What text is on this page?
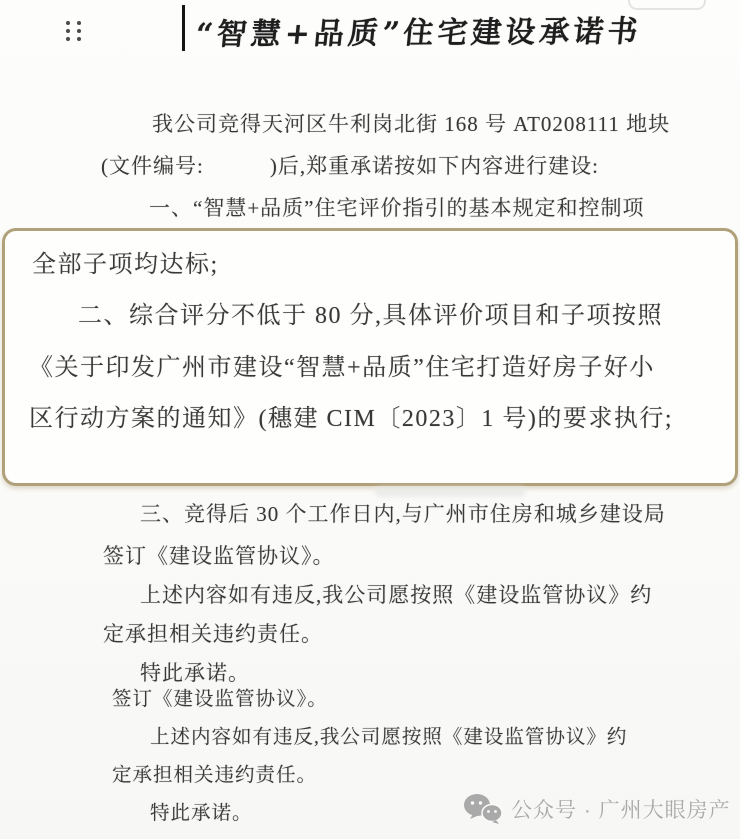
“智慧+品质”住宅建设承诺书
我公司竞得天河区牛利岗北街 168 号 AT0208111 地块
(文件编号:　　　)后,郑重承诺按如下内容进行建设:
一、“智慧+品质”住宅评价指引的基本规定和控制项
全部子项均达标;
二、综合评分不低于 80 分,具体评价项目和子项按照
《关于印发广州市建设“智慧+品质”住宅打造好房子好小
区行动方案的通知》(穗建 CIM〔2023〕1 号)的要求执行;
三、竞得后 30 个工作日内,与广州市住房和城乡建设局
签订《建设监管协议》。
上述内容如有违反,我公司愿按照《建设监管协议》约
定承担相关违约责任。
特此承诺。
签订《建设监管协议》。
上述内容如有违反,我公司愿按照《建设监管协议》约
定承担相关违约责任。
特此承诺。	公众号 · 广州大眼房产
